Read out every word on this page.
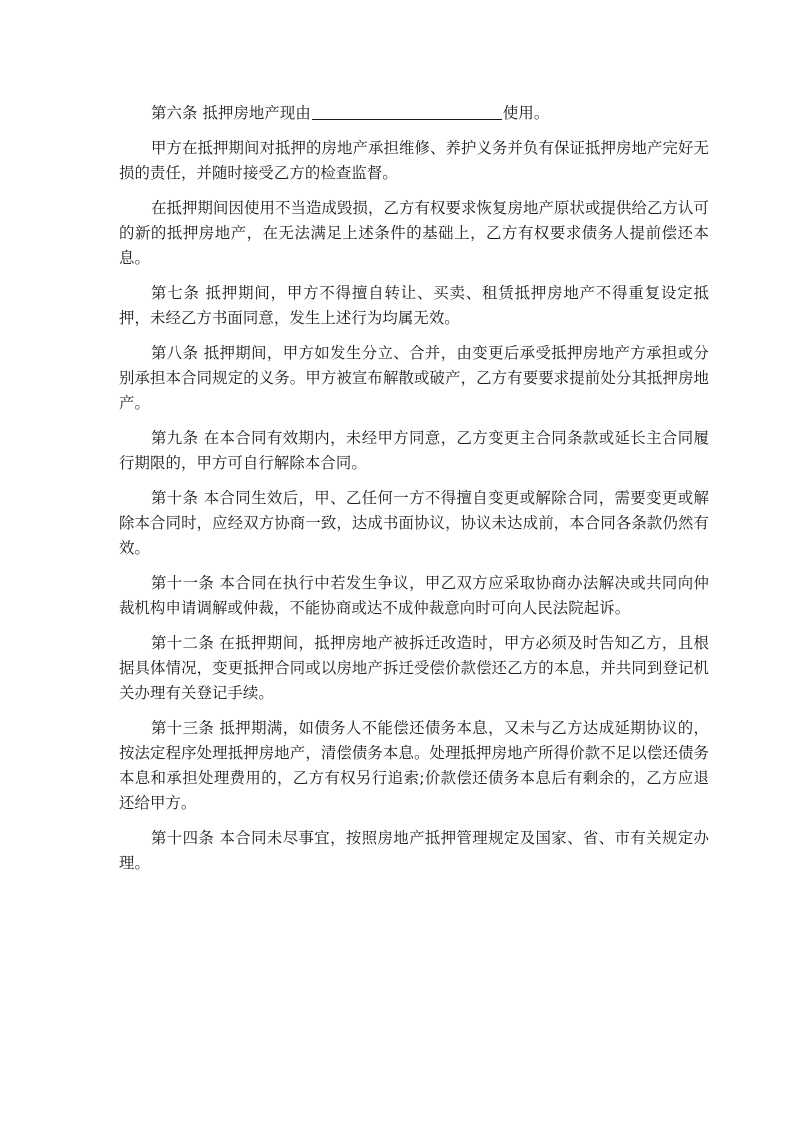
第六条 抵押房地产现由	使用。

甲方在抵押期间对抵押的房地产承担维修、养护义务并负有保证抵押房地产完好无损的责任，并随时接受乙方的检查监督。

在抵押期间因使用不当造成毁损，乙方有权要求恢复房地产原状或提供给乙方认可的新的抵押房地产，在无法满足上述条件的基础上，乙方有权要求债务人提前偿还本息。

第七条 抵押期间，甲方不得擅自转让、买卖、租赁抵押房地产不得重复设定抵押，未经乙方书面同意，发生上述行为均属无效。

第八条 抵押期间，甲方如发生分立、合并，由变更后承受抵押房地产方承担或分别承担本合同规定的义务。甲方被宣布解散或破产，乙方有要要求提前处分其抵押房地产。

第九条 在本合同有效期内，未经甲方同意，乙方变更主合同条款或延长主合同履行期限的，甲方可自行解除本合同。

第十条 本合同生效后，甲、乙任何一方不得擅自变更或解除合同，需要变更或解除本合同时，应经双方协商一致，达成书面协议，协议未达成前，本合同各条款仍然有效。

第十一条 本合同在执行中若发生争议，甲乙双方应采取协商办法解决或共同向仲裁机构申请调解或仲裁，不能协商或达不成仲裁意向时可向人民法院起诉。

第十二条 在抵押期间，抵押房地产被拆迁改造时，甲方必须及时告知乙方，且根据具体情况，变更抵押合同或以房地产拆迁受偿价款偿还乙方的本息，并共同到登记机关办理有关登记手续。

第十三条 抵押期满，如债务人不能偿还债务本息，又未与乙方达成延期协议的，按法定程序处理抵押房地产，清偿债务本息。处理抵押房地产所得价款不足以偿还债务本息和承担处理费用的，乙方有权另行追索;价款偿还债务本息后有剩余的，乙方应退还给甲方。

第十四条 本合同未尽事宜，按照房地产抵押管理规定及国家、省、市有关规定办理。
